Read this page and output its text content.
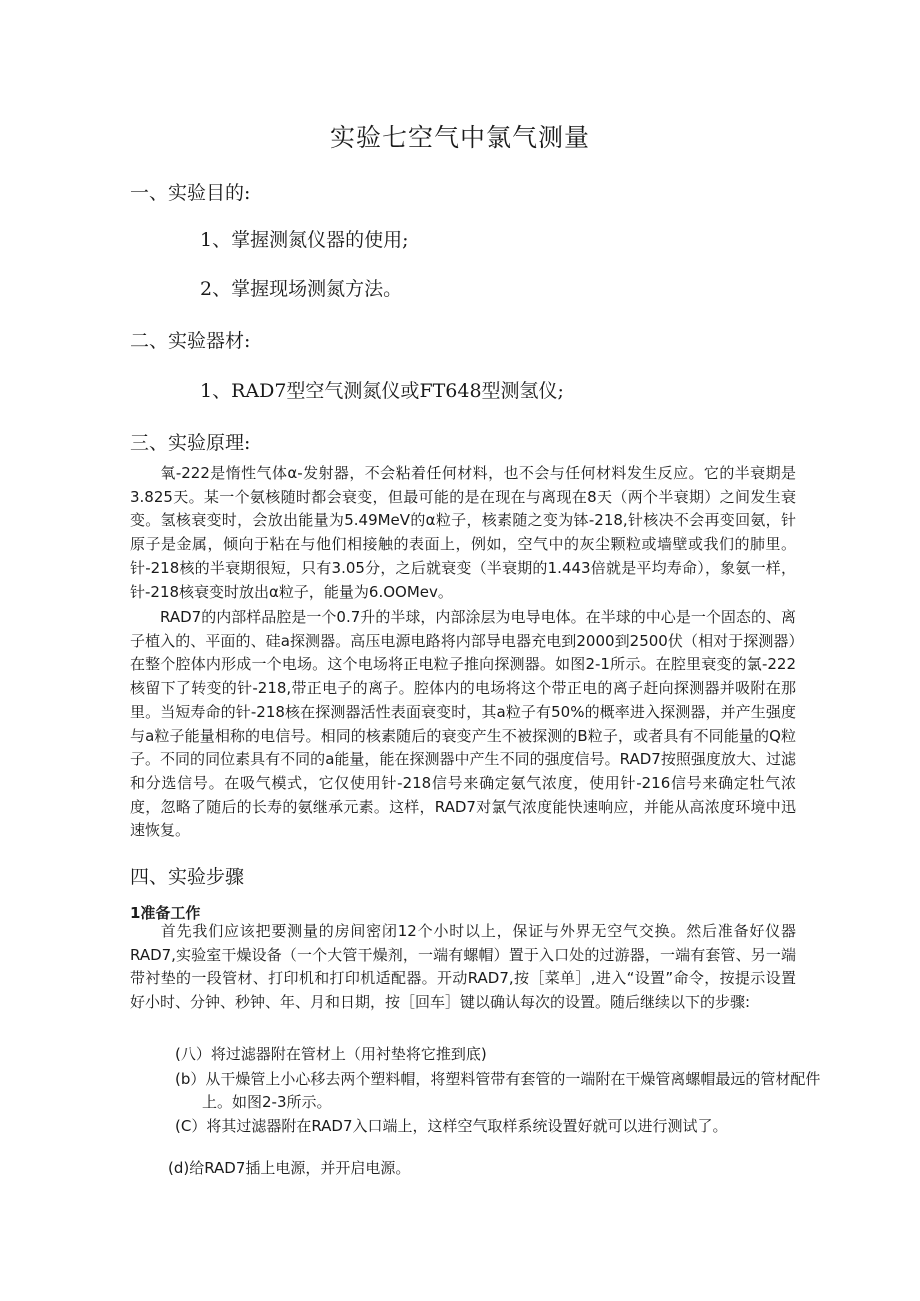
实验七空气中氯气测量
一、实验目的:
1、掌握测氮仪器的使用;
2、掌握现场测氮方法。
二、实验器材:
1、RAD7型空气测氮仪或FT648型测氢仪;
三、实验原理:

氧-222是惰性气体α-发射器，不会粘着任何材料，也不会与任何材料发生反应。它的半衰期是3.825天。某一个氨核随时都会衰变，但最可能的是在现在与离现在8天（两个半衰期）之间发生衰变。氢核衰变时，会放出能量为5.49MeV的α粒子，核素随之变为钵-218,针核决不会再变回氨，针原子是金属，倾向于粘在与他们相接触的表面上，例如，空气中的灰尘颗粒或墙壁或我们的肺里。针-218核的半衰期很短，只有3.05分，之后就衰变（半衰期的1.443倍就是平均寿命），象氨一样，针-218核衰变时放出α粒子，能量为6.OOMev。

RAD7的内部样品腔是一个0.7升的半球，内部涂层为电导电体。在半球的中心是一个固态的、离子植入的、平面的、硅a探测器。高压电源电路将内部导电器充电到2000到2500伏（相对于探测器）在整个腔体内形成一个电场。这个电场将正电粒子推向探测器。如图2-1所示。在腔里衰变的氯-222核留下了转变的针-218,带正电子的离子。腔体内的电场将这个带正电的离子赶向探测器并吸附在那里。当短寿命的针-218核在探测器活性表面衰变时，其a粒子有50%的概率进入探测器，并产生强度与a粒子能量相称的电信号。相同的核素随后的衰变产生不被探测的B粒子，或者具有不同能量的Q粒子。不同的同位素具有不同的a能量，能在探测器中产生不同的强度信号。RAD7按照强度放大、过滤和分选信号。在吸气模式，它仅使用针-218信号来确定氨气浓度，使用针-216信号来确定牡气浓度，忽略了随后的长寿的氨继承元素。这样，RAD7对氯气浓度能快速响应，并能从高浓度环境中迅速恢复。

四、实验步骤
1准备工作

首先我们应该把要测量的房间密闭12个小时以上，保证与外界无空气交换。然后准备好仪器RAD7,实验室干燥设备（一个大管干燥剂，一端有螺帽）置于入口处的过游器，一端有套管、另一端带衬垫的一段管材、打印机和打印机适配器。开动RAD7,按［菜单］,进入“设置”命令，按提示设置好小时、分钟、秒钟、年、月和日期，按［回车］键以确认每次的设置。随后继续以下的步骤:

(八）将过滤器附在管材上（用衬垫将它推到底)

(b）从干燥管上小心移去两个塑料帽，将塑料管带有套管的一端附在干燥管离螺帽最远的管材配件上。如图2-3所示。

(C）将其过滤器附在RAD7入口端上，这样空气取样系统设置好就可以进行测试了。

(d)给RAD7插上电源，并开启电源。
